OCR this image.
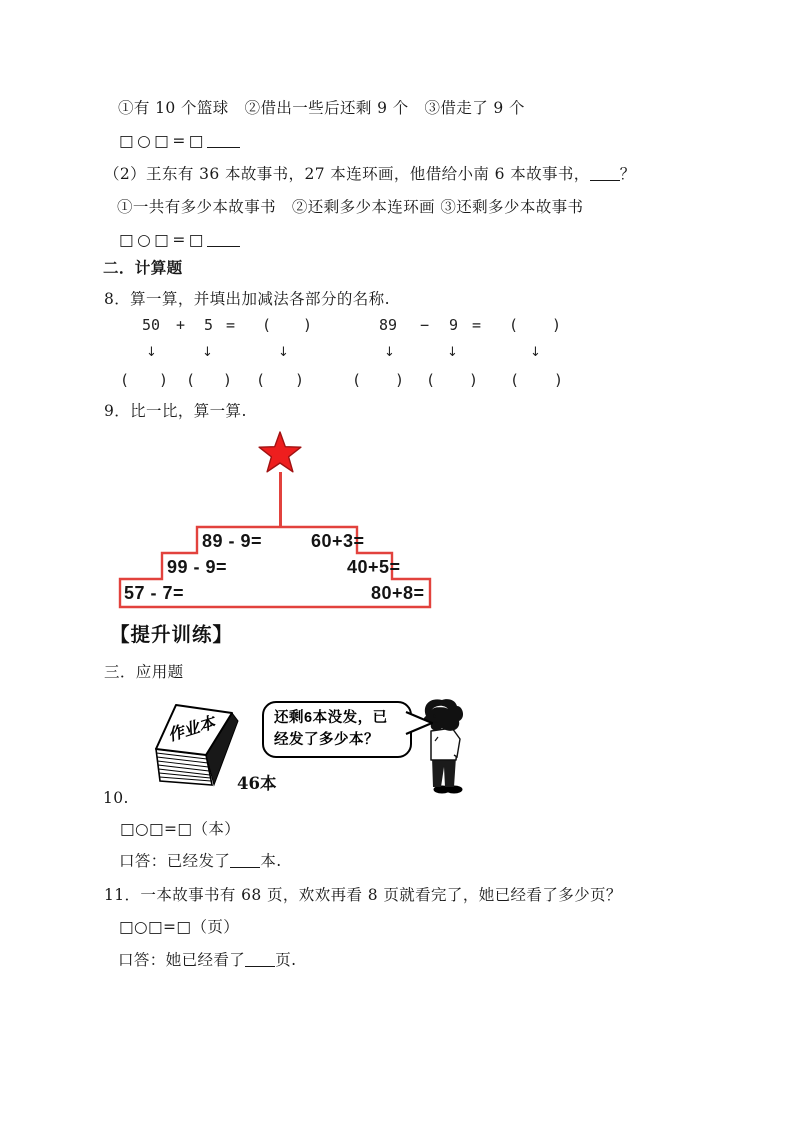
①有 10 个篮球　②借出一些后还剩 9 个　③借走了 9 个
□○□=□
（2）王东有 36 本故事书，27 本连环画，他借给小南 6 本故事书， ？
①一共有多少本故事书　②还剩多少本连环画 ③还剩多少本故事书
□○□=□
二．计算题
8．算一算，并填出加减法各部分的名称.
50 + 5 = ( )	89 − 9 = ( )
↓	↓	↓	↓	↓	↓
( ) ( ) ( )	( ) ( ) ( )
9．比一比，算一算.
89 - 9=	60+3=
99 - 9=	40+5=
57 - 7=	80+8=
【提升训练】
三．应用题
作业本
46本
还剩6本没发，已
经发了多少本？
10.
□○□=□（本）
口答：已经发了 本.
11．一本故事书有 68 页，欢欢再看 8 页就看完了，她已经看了多少页？
□○□=□（页）
口答：她已经看了 页.
